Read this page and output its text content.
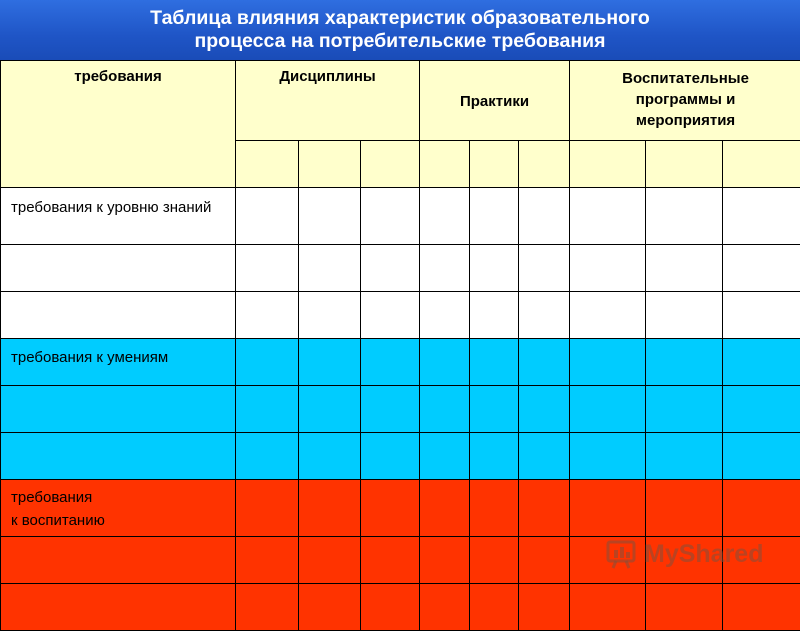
Таблица влияния характеристик образовательного
процесса на потребительские требования
требования	Дисциплины			Практики			Воспитательные
программы и
мероприятия		

требования к уровню знаний									

требования к умениям									

требования
к воспитанию									

MyShared
